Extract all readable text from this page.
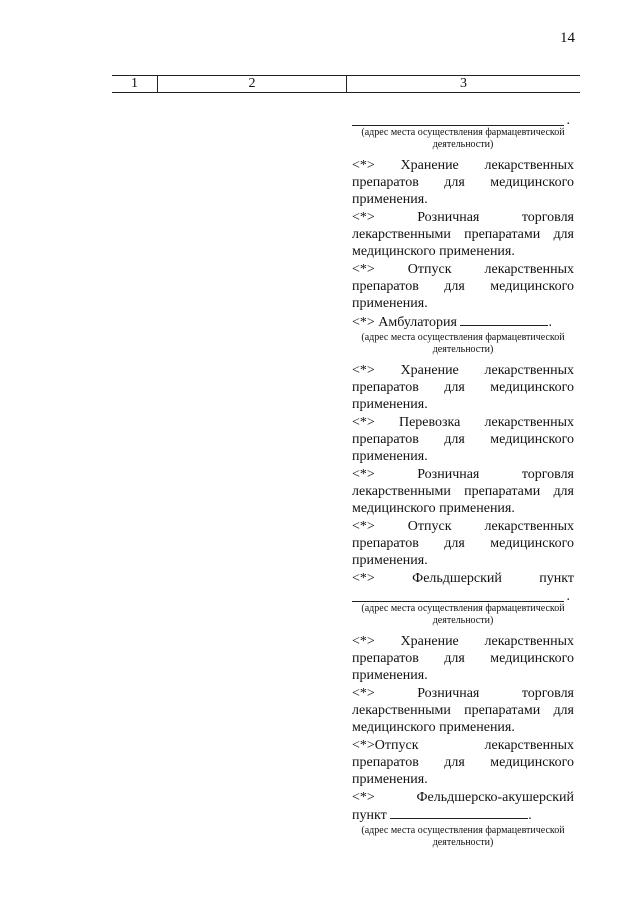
14
1	2	3
.
(адрес места осуществления фармацевтической деятельности)

<*> Хранение лекарственных препаратов для медицинского применения.

<*> Розничная торговля лекарственными препаратами для медицинского применения.

<*> Отпуск лекарственных препаратов для медицинского применения.

<*> Амбулатория	.

(адрес места осуществления фармацевтической деятельности)

<*> Хранение лекарственных препаратов для медицинского применения.

<*> Перевозка лекарственных препаратов для медицинского применения.

<*> Розничная торговля лекарственными препаратами для медицинского применения.

<*> Отпуск лекарственных препаратов для медицинского применения.

<*> Фельдшерский пункт

.
(адрес места осуществления фармацевтической деятельности)

<*> Хранение лекарственных препаратов для медицинского применения.

<*> Розничная торговля лекарственными препаратами для медицинского применения.

<*>Отпуск лекарственных препаратов для медицинского применения.

<*> Фельдшерско-акушерский пункт	.

(адрес места осуществления фармацевтической деятельности)
